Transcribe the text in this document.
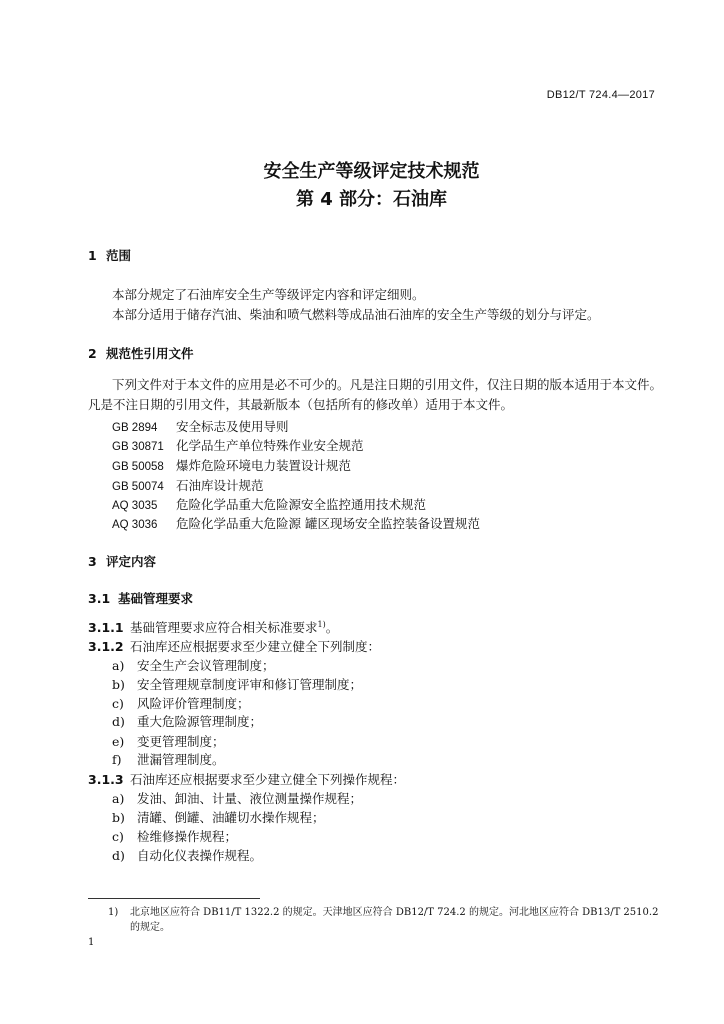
DB12/T 724.4—2017
安全生产等级评定技术规范
第 4 部分：石油库
1 范围
本部分规定了石油库安全生产等级评定内容和评定细则。
本部分适用于储存汽油、柴油和喷气燃料等成品油石油库的安全生产等级的划分与评定。
2 规范性引用文件
下列文件对于本文件的应用是必不可少的。凡是注日期的引用文件，仅注日期的版本适用于本文件。
凡是不注日期的引用文件，其最新版本（包括所有的修改单）适用于本文件。
GB 2894 安全标志及使用导则
GB 30871 化学品生产单位特殊作业安全规范
GB 50058 爆炸危险环境电力装置设计规范
GB 50074 石油库设计规范
AQ 3035 危险化学品重大危险源安全监控通用技术规范
AQ 3036 危险化学品重大危险源 罐区现场安全监控装备设置规范
3 评定内容
3.1 基础管理要求
3.1.1 基础管理要求应符合相关标准要求$^{1)}$。
3.1.2 石油库还应根据要求至少建立健全下列制度：
a) 安全生产会议管理制度；
b) 安全管理规章制度评审和修订管理制度；
c) 风险评价管理制度；
d) 重大危险源管理制度；
e) 变更管理制度；
f) 泄漏管理制度。
3.1.3 石油库还应根据要求至少建立健全下列操作规程：
a) 发油、卸油、计量、液位测量操作规程；
b) 清罐、倒罐、油罐切水操作规程；
c) 检维修操作规程；
d) 自动化仪表操作规程。
1) 北京地区应符合 DB11/T 1322.2 的规定。天津地区应符合 DB12/T 724.2 的规定。河北地区应符合 DB13/T 2510.2
的规定。
1
